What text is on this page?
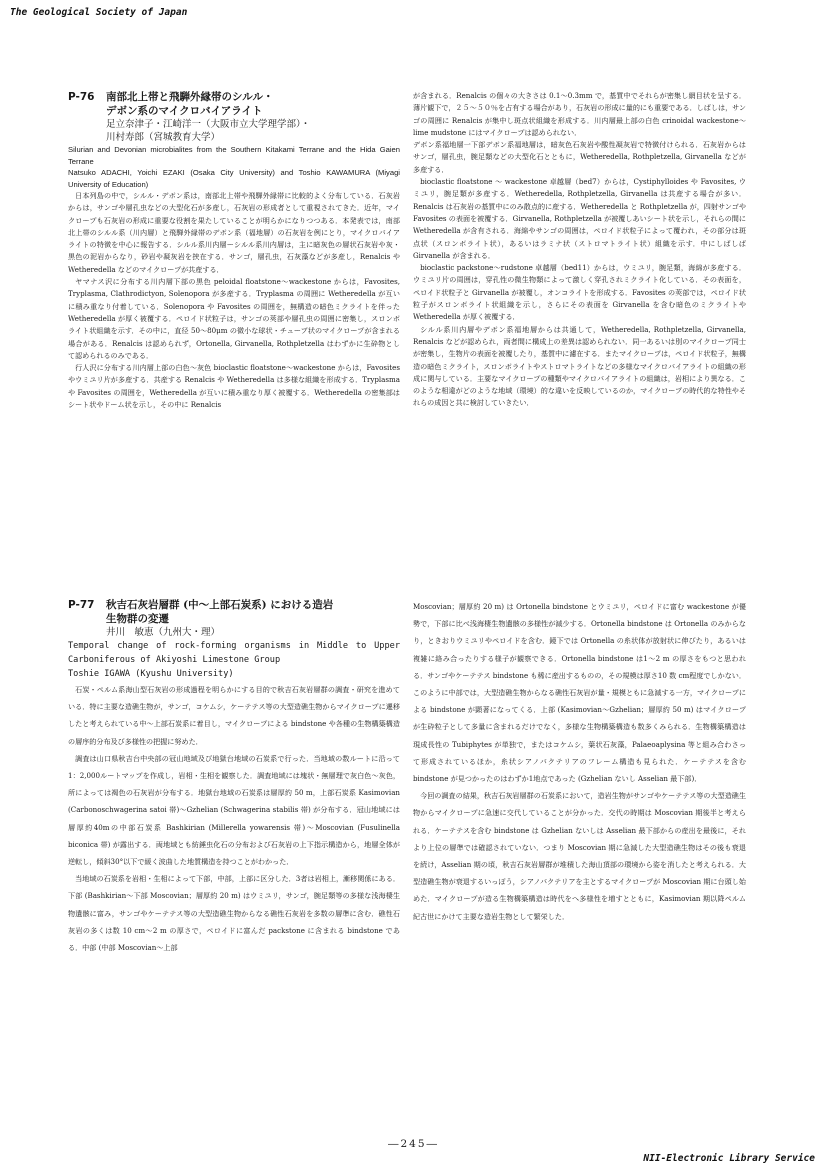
The Geological Society of Japan

P-76 南部北上帯と飛騨外縁帯のシルル・
デボン系のマイクロバイアライト

足立奈津子・江崎洋一（大阪市立大学理学部）・

川村寿郎（宮城教育大学）

Silurian and Devonian microbialites from the Southern Kitakami Terrane and the Hida Gaien Terrane
Natsuko ADACHI, Yoichi EZAKI (Osaka City University) and Toshio KAWAMURA (Miyagi University of Education)

日本列島の中で，シルル・デボン系は，南部北上帯や飛騨外縁帯に比較的よく分布している．石灰岩からは，サンゴや層孔虫などの大型化石が多産し，石灰岩の形成者として重視されてきた．近年，マイクロープも石灰岩の形成に重要な役割を果たしていることが明らかになりつつある．本発表では，南部北上帯のシルル系（川内層）と飛騨外縁帯のデボン系（福地層）の石灰岩を例にとり，マイクロバイアライトの特徴を中心に報告する．シルル系川内層ーシルル系川内層は，主に暗灰色の層状石灰岩や灰・黒色の泥岩からなり，砂岩や凝灰岩を挟在する．サンゴ，層孔虫，石灰藻などが多産し，Renalcis や Wetheredella などのマイクロープが共産する．

ヤマナス沢に分布する川内層下部の黒色 peloidal floatstone～wackestone からは，Favosites, Tryplasma, Clathrodictyon, Solenopora が多産する．Tryplasma の周囲に Wetheredella が互いに積み重なり付着している．Solenopora や Favosites の周囲を，無構造の暗色ミクライトを伴った Wetheredella が厚く被覆する．ペロイド状粒子は，サンゴの莢部や層孔虫の周囲に密集し，スロンボライト状組織を示す．その中に，直径 50～80μm の微小な球状・チューブ状のマイクロープが含まれる場合がある．Renalcis は認められず，Ortonella, Girvanella, Rothpletzella はわずかに生砕物として認められるのみである．

行人沢に分布する川内層上部の白色～灰色 bioclastic floatstone～wackestone からは，Favosites やウミユリ片が多産する．共産する Renalcis や Wetheredella は多様な組織を形成する．Tryplasma や Favosites の周囲を，Wetheredella が互いに積み重なり厚く被覆する．Wetheredella の密集部はシート状やドーム状を示し，その中に Renalcis

が含まれる．Renalcis の個々の大きさは 0.1～0.3mm で，基質中でそれらが密集し網目状を呈する．薄片観下で，２５～５０％を占有する場合があり，石灰岩の形成に量的にも重要である．しばしは，サンゴの周囲に Renalcis が集中し斑点状組織を形成する．川内層最上部の白色 crinoidal wackestone～lime mudstone にはマイクロープは認められない．

デボン系福地層一下部デボン系福地層は，暗灰色石灰岩や酸性凝灰岩で特徴付けられる．石灰岩からはサンゴ，層孔虫，腕足類などの大型化石とともに，Wetheredella, Rothpletzella, Girvanella などが多産する．

bioclastic floatstone ～ wackestone 卓越層（bed7）からは，Cystiphylloides や Favosites, ウミユリ，腕足類が多産する．Wetheredella, Rothpletzella, Girvanella は共産する場合が多い．Renalcis は石灰岩の基質中にのみ散点的に産する．Wetheredella と Rothpletzella が，四射サンゴや Favosites の表面を被覆する．Girvanella, Rothpletzella が被覆しあいシート状を示し，それらの間に Wetheredella が含有される．海綿やサンゴの周囲は，ペロイド状粒子によって覆われ，その部分は斑点状（スロンボライト状），あるいはラミナ状（ストロマトライト状）組織を示す．中にしばしば Girvanella が含まれる．

bioclastic packstone～rudstone 卓越層（bed11）からは，ウミユリ，腕足類，海綿が多産する．ウミユリ片の周囲は，穿孔性の微生物類によって激しく穿孔されミクライト化している．その表面を，ペロイド状粒子と Girvanella が被覆し，オンコライトを形成する．Favosites の莢部では，ペロイド状粒子がスロンボライト状組織を示し，さらにその表面を Girvanella を含む暗色のミクライトや Wetheredella が厚く被覆する．

シルル系川内層やデボン系福地層からは共通して，Wetheredella, Rothpletzella, Girvanella, Renalcis などが認められ，両者間に構成上の差異は認められない．同一あるいは別のマイクロープ同士が密集し，生物片の表面を被覆したり，基質中に濾在する．またマイクロープは，ペロイド状粒子，無構造の暗色ミクライト，スロンボライトやストロマトライトなどの多様なマイクロバイアライトの組織の形成に関与している．主要なマイクロープの種類やマイクロバイアライトの組織は，岩相により異なる．このような相違がどのような地域（環境）的な違いを反映しているのか，マイクロープの時代的な特性やそれらの成因と共に検討していきたい．

P-77 秋吉石灰岩層群 (中～上部石炭系) における造岩
生物群の変遷

井川　敏恵（九州大・理）

Temporal change of rock-forming organisms in Middle to Upper Carboniferous of Akiyoshi Limestone Group
Toshie IGAWA (Kyushu University)

石炭・ペルム系海山型石灰岩の形成過程を明らかにする目的で秋吉石灰岩層群の調査・研究を進めている．特に主要な造礁生物が，サンゴ，コケムシ，ケーテテス等の大型造礁生物からマイクロープに遷移したと考えられている中～上部石炭系に着目し，マイクロープによる bindstone や各種の生物構築構造の層序的分布及び多様性の把握に努めた．

調査は山口県秋吉台中央部の冠山地域及び地獄台地域の石炭系で行った．当地域の数ルートに沿って1：2,000ルートマップを作成し，岩相・生相を観察した．調査地域には塊状・無層理で灰白色～灰色，所によっては褐色の石灰岩が分布する．地獄台地域の石炭系は層厚約 50 m，上部石炭系 Kasimovian (Carbonoschwagerina satoi 帯)～Gzhelian (Schwagerina stabilis 帯) が分布する．冠山地域には層厚約40mの中部石炭系 Bashkirian (Millerella yowarensis 帯)～Moscovian (Fusulinella biconica 帯) が露出する．両地域とも紡錘虫化石の分布および石灰岩の上下指示構造から，地層全体が逆転し，傾斜30°以下で緩く波曲した地質構造を持つことがわかった．

当地域の石炭系を岩相・生相によって下部，中部，上部に区分した．3者は岩相上，漸移関係にある．下部 (Bashkirian～下部 Moscovian；層厚約 20 m) はウミユリ，サンゴ，腕足類等の多様な浅海棲生物遺骸に富み，サンゴやケーテテス等の大型造礁生物からなる礁性石灰岩を多数の層準に含む．礁性石灰岩の多くは数 10 cm～2 m の厚さで，ペロイドに富んだ packstone に含まれる bindstone である．中部 (中部 Moscovian～上部

Moscovian；層厚約 20 m) は Ortonella bindstone とウミユリ，ペロイドに富む wackestone が優勢で，下部に比べ浅海棲生物遺骸の多様性が減少する．Ortonella bindstone は Ortonella のみからなり，ときおりウミユリやペロイドを含む．鏡下では Ortonella の糸状体が放射状に伸びたり，あるいは複雑に絡み合ったりする様子が観察できる．Ortonella bindstone は1～2 m の厚さをもつと思われる．サンゴやケーテテス bindstone も稀に産出するものの，その規模は厚さ10 数 cm程度でしかない．このように中部では，大型造礁生物からなる礁性石灰岩が量・規模ともに急減する一方，マイクロープによる bindstone が顕著になってくる．上部 (Kasimovian～Gzhelian；層厚約 50 m) はマイクロープが生砕粒子として多量に含まれるだけでなく，多様な生物構築構造も数多くみられる．生物構築構造は現成長性の Tubiphytes が単独で，またはコケムシ，葉状石灰藻，Palaeoaplysina 等と組み合わさって形成されているほか，糸状シアノバクテリアのフレーム構造も見られた．ケーテテスを含む bindstone が見つかったのはわずか1地点であった (Gzhelian ないし Asselian 最下部)．

今回の調査の結果，秋吉石灰岩層群の石炭系において，造岩生物がサンゴやケーテテス等の大型造礁生物からマイクロープに急速に交代していることが分かった．交代の時期は Moscovian 期後半と考えられる．ケーテテスを含む bindstone は Gzhelian ないしは Asselian 最下部からの産出を最後に，それより上位の層準では確認されていない．つまり Moscovian 期に急減した大型造礁生物はその後も衰退を続け，Asselian 期の頃，秋吉石灰岩層群が堆積した海山頂部の環境から姿を消したと考えられる．大型造礁生物が衰退するいっぽう，シアノバクテリアを主とするマイクロープが Moscovian 期に台頭し始めた．マイクロープが造る生物構築構造は時代をへ多様性を増すとともに，Kasimovian 期以降ペルム紀古世にかけて主要な造岩生物として繁栄した．

―245―
NII-Electronic Library Service
